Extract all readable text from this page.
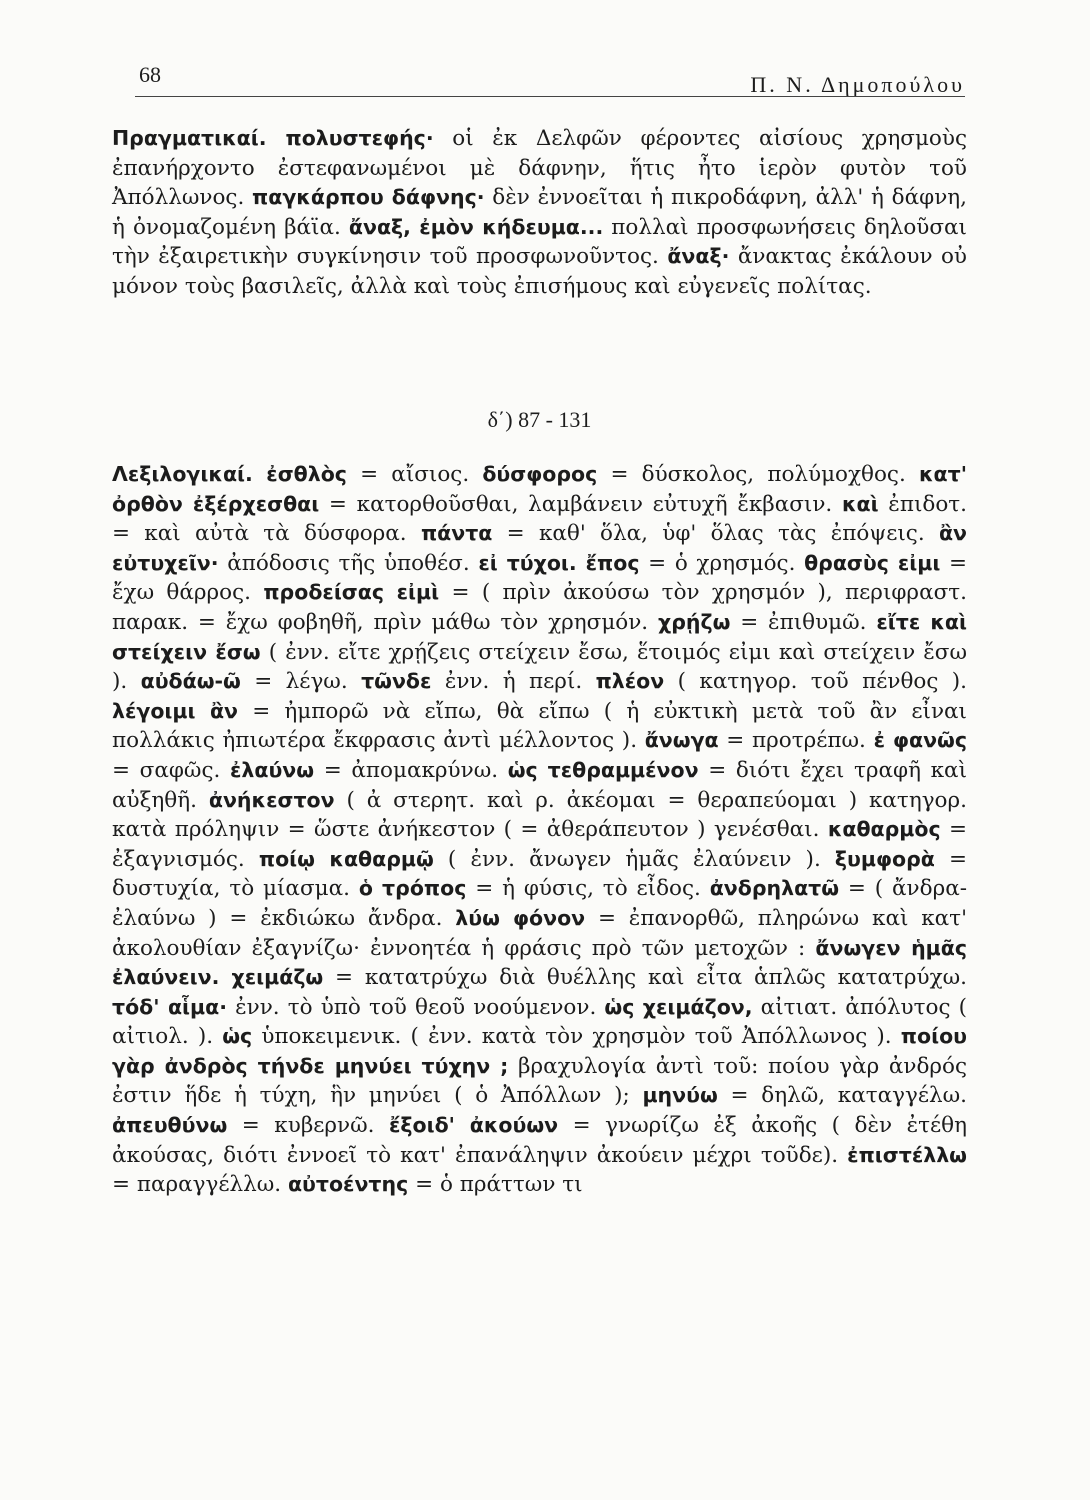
68	Π. Ν. Δημοπούλου
Πραγματικαί. πολυστεφής· οἱ ἐκ Δελφῶν φέροντες αἰσίους χρησμοὺς ἐπανήρχοντο ἐστεφανωμένοι μὲ δάφνην, ἥτις ἦτο ἱερὸν φυτὸν τοῦ Ἀπόλλωνος. παγκάρπου δάφνης· δὲν ἐννοεῖται ἡ πικροδάφνη, ἀλλ' ἡ δάφνη, ἡ ὀνομαζομένη βάϊα. ἄναξ, ἐμὸν κήδευμα... πολλαὶ προσφωνήσεις δηλοῦσαι τὴν ἐξαιρετικὴν συγκίνησιν τοῦ προσφωνοῦντος. ἄναξ· ἄνακτας ἐκάλουν οὐ μόνον τοὺς βασιλεῖς, ἀλλὰ καὶ τοὺς ἐπισήμους καὶ εὐγενεῖς πολίτας.
δ΄) 87 - 131
Λεξιλογικαί. ἐσθλὸς = αἴσιος. δύσφορος = δύσκολος, πολύμοχθος. κατ' ὀρθὸν ἐξέρχεσθαι = κατορθοῦσθαι, λαμβάνειν εὐτυχῆ ἔκβασιν. καὶ ἐπιδοτ. = καὶ αὐτὰ τὰ δύσφορα. πάντα = καθ' ὅλα, ὑφ' ὅλας τὰς ἐπόψεις. ἂν εὐτυχεῖν· ἀπόδοσις τῆς ὑποθέσ. εἰ τύχοι. ἔπος = ὁ χρησμός. θρασὺς εἰμι = ἔχω θάρρος. προδείσας εἰμὶ = ( πρὶν ἀκούσω τὸν χρησμόν ), περιφραστ. παρακ. = ἔχω φοβηθῆ, πρὶν μάθω τὸν χρησμόν. χρῄζω = ἐπιθυμῶ. εἴτε καὶ στείχειν ἔσω ( ἐνν. εἴτε χρῄζεις στείχειν ἔσω, ἕτοιμός εἰμι καὶ στείχειν ἔσω ). αὐδάω-ῶ = λέγω. τῶνδε ἐνν. ἡ περί. πλέον ( κατηγορ. τοῦ πένθος ). λέγοιμι ἂν = ἠμπορῶ νὰ εἴπω, θὰ εἴπω ( ἡ εὐκτικὴ μετὰ τοῦ ἂν εἶναι πολλάκις ἠπιωτέρα ἔκφρασις ἀντὶ μέλλοντος ). ἄνωγα = προτρέπω. ἐ φανῶς = σαφῶς. ἐλαύνω = ἀπομακρύνω. ὡς τεθραμμένον = διότι ἔχει τραφῆ καὶ αὐξηθῆ. ἀνήκεστον ( ἀ στερητ. καὶ ρ. ἀκέομαι = θεραπεύομαι ) κατηγορ. κατὰ πρόληψιν = ὥστε ἀνήκεστον ( = ἀθεράπευτον ) γενέσθαι. καθαρμὸς = ἐξαγνισμός. ποίῳ καθαρμῷ ( ἐνν. ἄνωγεν ἡμᾶς ἐλαύνειν ). ξυμφορὰ = δυστυχία, τὸ μίασμα. ὁ τρόπος = ἡ φύσις, τὸ εἶδος. ἀνδρηλατῶ = ( ἄνδρα-ἐλαύνω ) = ἐκδιώκω ἄνδρα. λύω φόνον = ἐπανορθῶ, πληρώνω καὶ κατ' ἀκολουθίαν ἐξαγνίζω· ἐννοητέα ἡ φράσις πρὸ τῶν μετοχῶν : ἄνωγεν ἡμᾶς ἐλαύνειν. χειμάζω = κατατρύχω διὰ θυέλλης καὶ εἶτα ἁπλῶς κατατρύχω. τόδ' αἷμα· ἐνν. τὸ ὑπὸ τοῦ θεοῦ νοούμενον. ὡς χειμάζον, αἰτιατ. ἀπόλυτος ( αἰτιολ. ). ὡς ὑποκειμενικ. ( ἐνν. κατὰ τὸν χρησμὸν τοῦ Ἀπόλλωνος ). ποίου γὰρ ἀνδρὸς τήνδε μηνύει τύχην ; βραχυλογία ἀντὶ τοῦ: ποίου γὰρ ἀνδρός ἐστιν ἥδε ἡ τύχη, ἣν μηνύει ( ὁ Ἀπόλλων ); μηνύω = δηλῶ, καταγγέλω. ἀπευθύνω = κυβερνῶ. ἔξοιδ' ἀκούων = γνωρίζω ἐξ ἀκοῆς ( δὲν ἐτέθη ἀκούσας, διότι ἐννοεῖ τὸ κατ' ἐπανάληψιν ἀκούειν μέχρι τοῦδε). ἐπιστέλλω = παραγγέλλω. αὐτοέντης = ὁ πράττων τι
